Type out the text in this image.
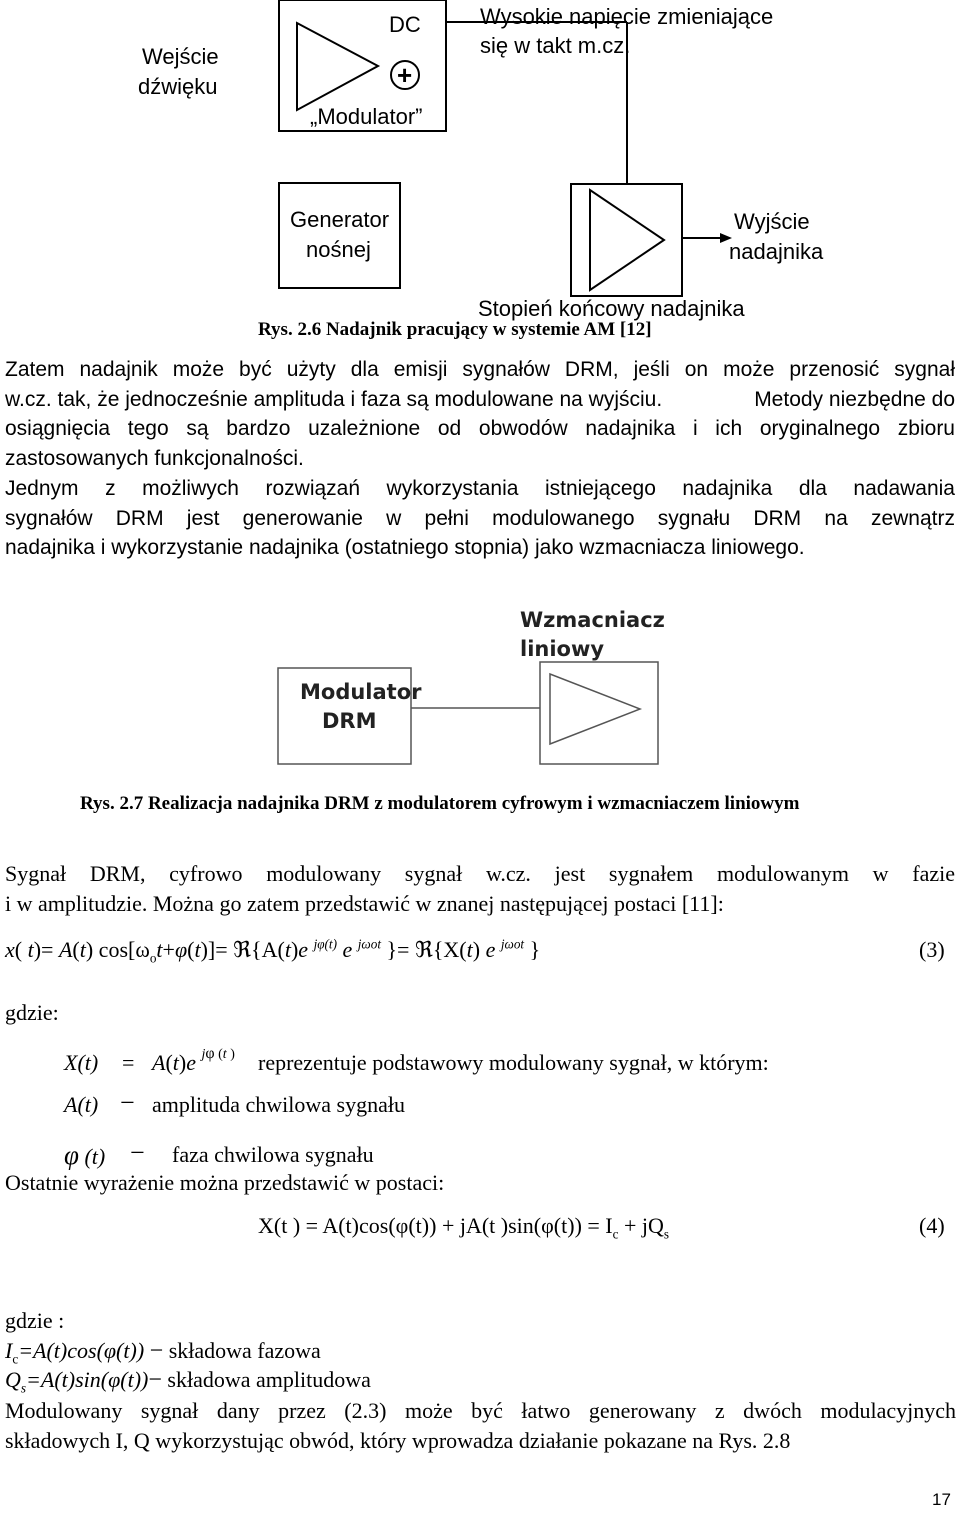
Wejście
dźwięku
DC
+
„Modulator”
Wysokie napięcie zmieniające
się w takt m.cz.
Generator
nośnej
Wyjście
nadajnika
Stopień końcowy nadajnika
Rys. 2.6 Nadajnik pracujący w systemie AM [12]
Zatem nadajnik może być użyty dla emisji sygnałów DRM, jeśli on może przenosić sygnał
w.cz. tak, że jednocześnie amplituda i faza są modulowane na wyjściu.	Metody niezbędne do
osiągnięcia tego są bardzo uzależnione od obwodów nadajnika i ich oryginalnego zbioru
zastosowanych funkcjonalności.
Jednym z możliwych rozwiązań wykorzystania istniejącego nadajnika dla nadawania
sygnałów DRM jest generowanie w pełni modulowanego sygnału DRM na zewnątrz
nadajnika i wykorzystanie nadajnika (ostatniego stopnia) jako wzmacniacza liniowego.
Wzmacniacz
liniowy
Modulator
DRM
Rys. 2.7 Realizacja nadajnika DRM z modulatorem cyfrowym i wzmacniaczem liniowym
Sygnał DRM, cyfrowo modulowany sygnał w.cz. jest sygnałem modulowanym w fazie
i w amplitudzie. Można go zatem przedstawić w znanej następującej postaci [11]:
x( t)= A(t) $\cos[\omega_ot+\varphi(t)]=$ ℜ{A(t)e $^{j\varphi(t)}$ e $^{j\omega ot}$ }= ℜ{X(t) e $^{j\omega ot}$ }	(3)
gdzie:
X(t) = A(t)e $^{j\varphi (t )}$ reprezentuje podstawowy modulowany sygnał, w którym:
A(t) − amplituda chwilowa sygnału
φ (t) − faza chwilowa sygnału
Ostatnie wyrażenie można przedstawić w postaci:
X(t ) = A(t)cos(φ(t)) + jA(t )$\sin(\varphi(t)) = I_c + jQ_s$	(4)
gdzie :
$I_c=A(t)\cos(\varphi(t))$ − składowa fazowa
$Q_s=A(t)\sin(\varphi(t))-$ składowa amplitudowa
Modulowany sygnał dany przez (2.3) może być łatwo generowany z dwóch modulacyjnych
składowych I, Q wykorzystując obwód, który wprowadza działanie pokazane na Rys. 2.8
17
